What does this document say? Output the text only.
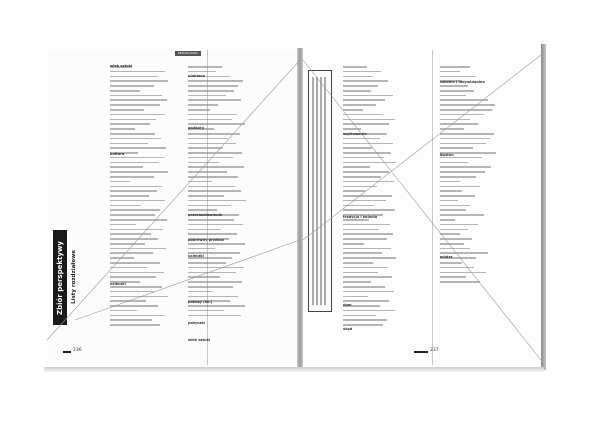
PEDAGOGIKA
wiek sztuki
kultura
ucieczki
ulubione
gadkory
przeciwstawienie
pokrewny przekaz
ucieczki
pokazy (ok.)
pożyczki
wiek sztuki
Zbiór perspektywy Listy rozdziałowe
szyfrowanie
tradycja i kolonia
dom
skąd
szkolne i indywidualne
Bostan
mistrz
236	237
